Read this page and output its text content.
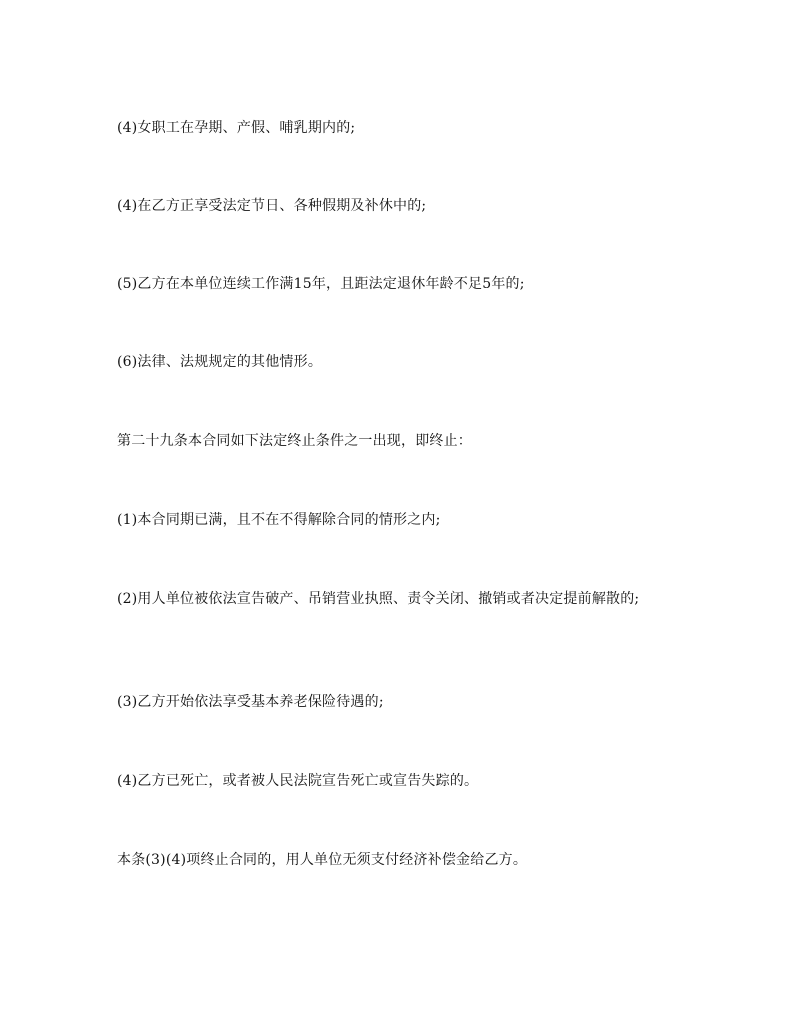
(4)女职工在孕期、产假、哺乳期内的;

(4)在乙方正享受法定节日、各种假期及补休中的;

(5)乙方在本单位连续工作满15年，且距法定退休年龄不足5年的;

(6)法律、法规规定的其他情形。

第二十九条本合同如下法定终止条件之一出现，即终止：

(1)本合同期已满，且不在不得解除合同的情形之内;

(2)用人单位被依法宣告破产、吊销营业执照、责令关闭、撤销或者决定提前解散的;

(3)乙方开始依法享受基本养老保险待遇的;

(4)乙方已死亡，或者被人民法院宣告死亡或宣告失踪的。

本条(3)(4)项终止合同的，用人单位无须支付经济补偿金给乙方。
